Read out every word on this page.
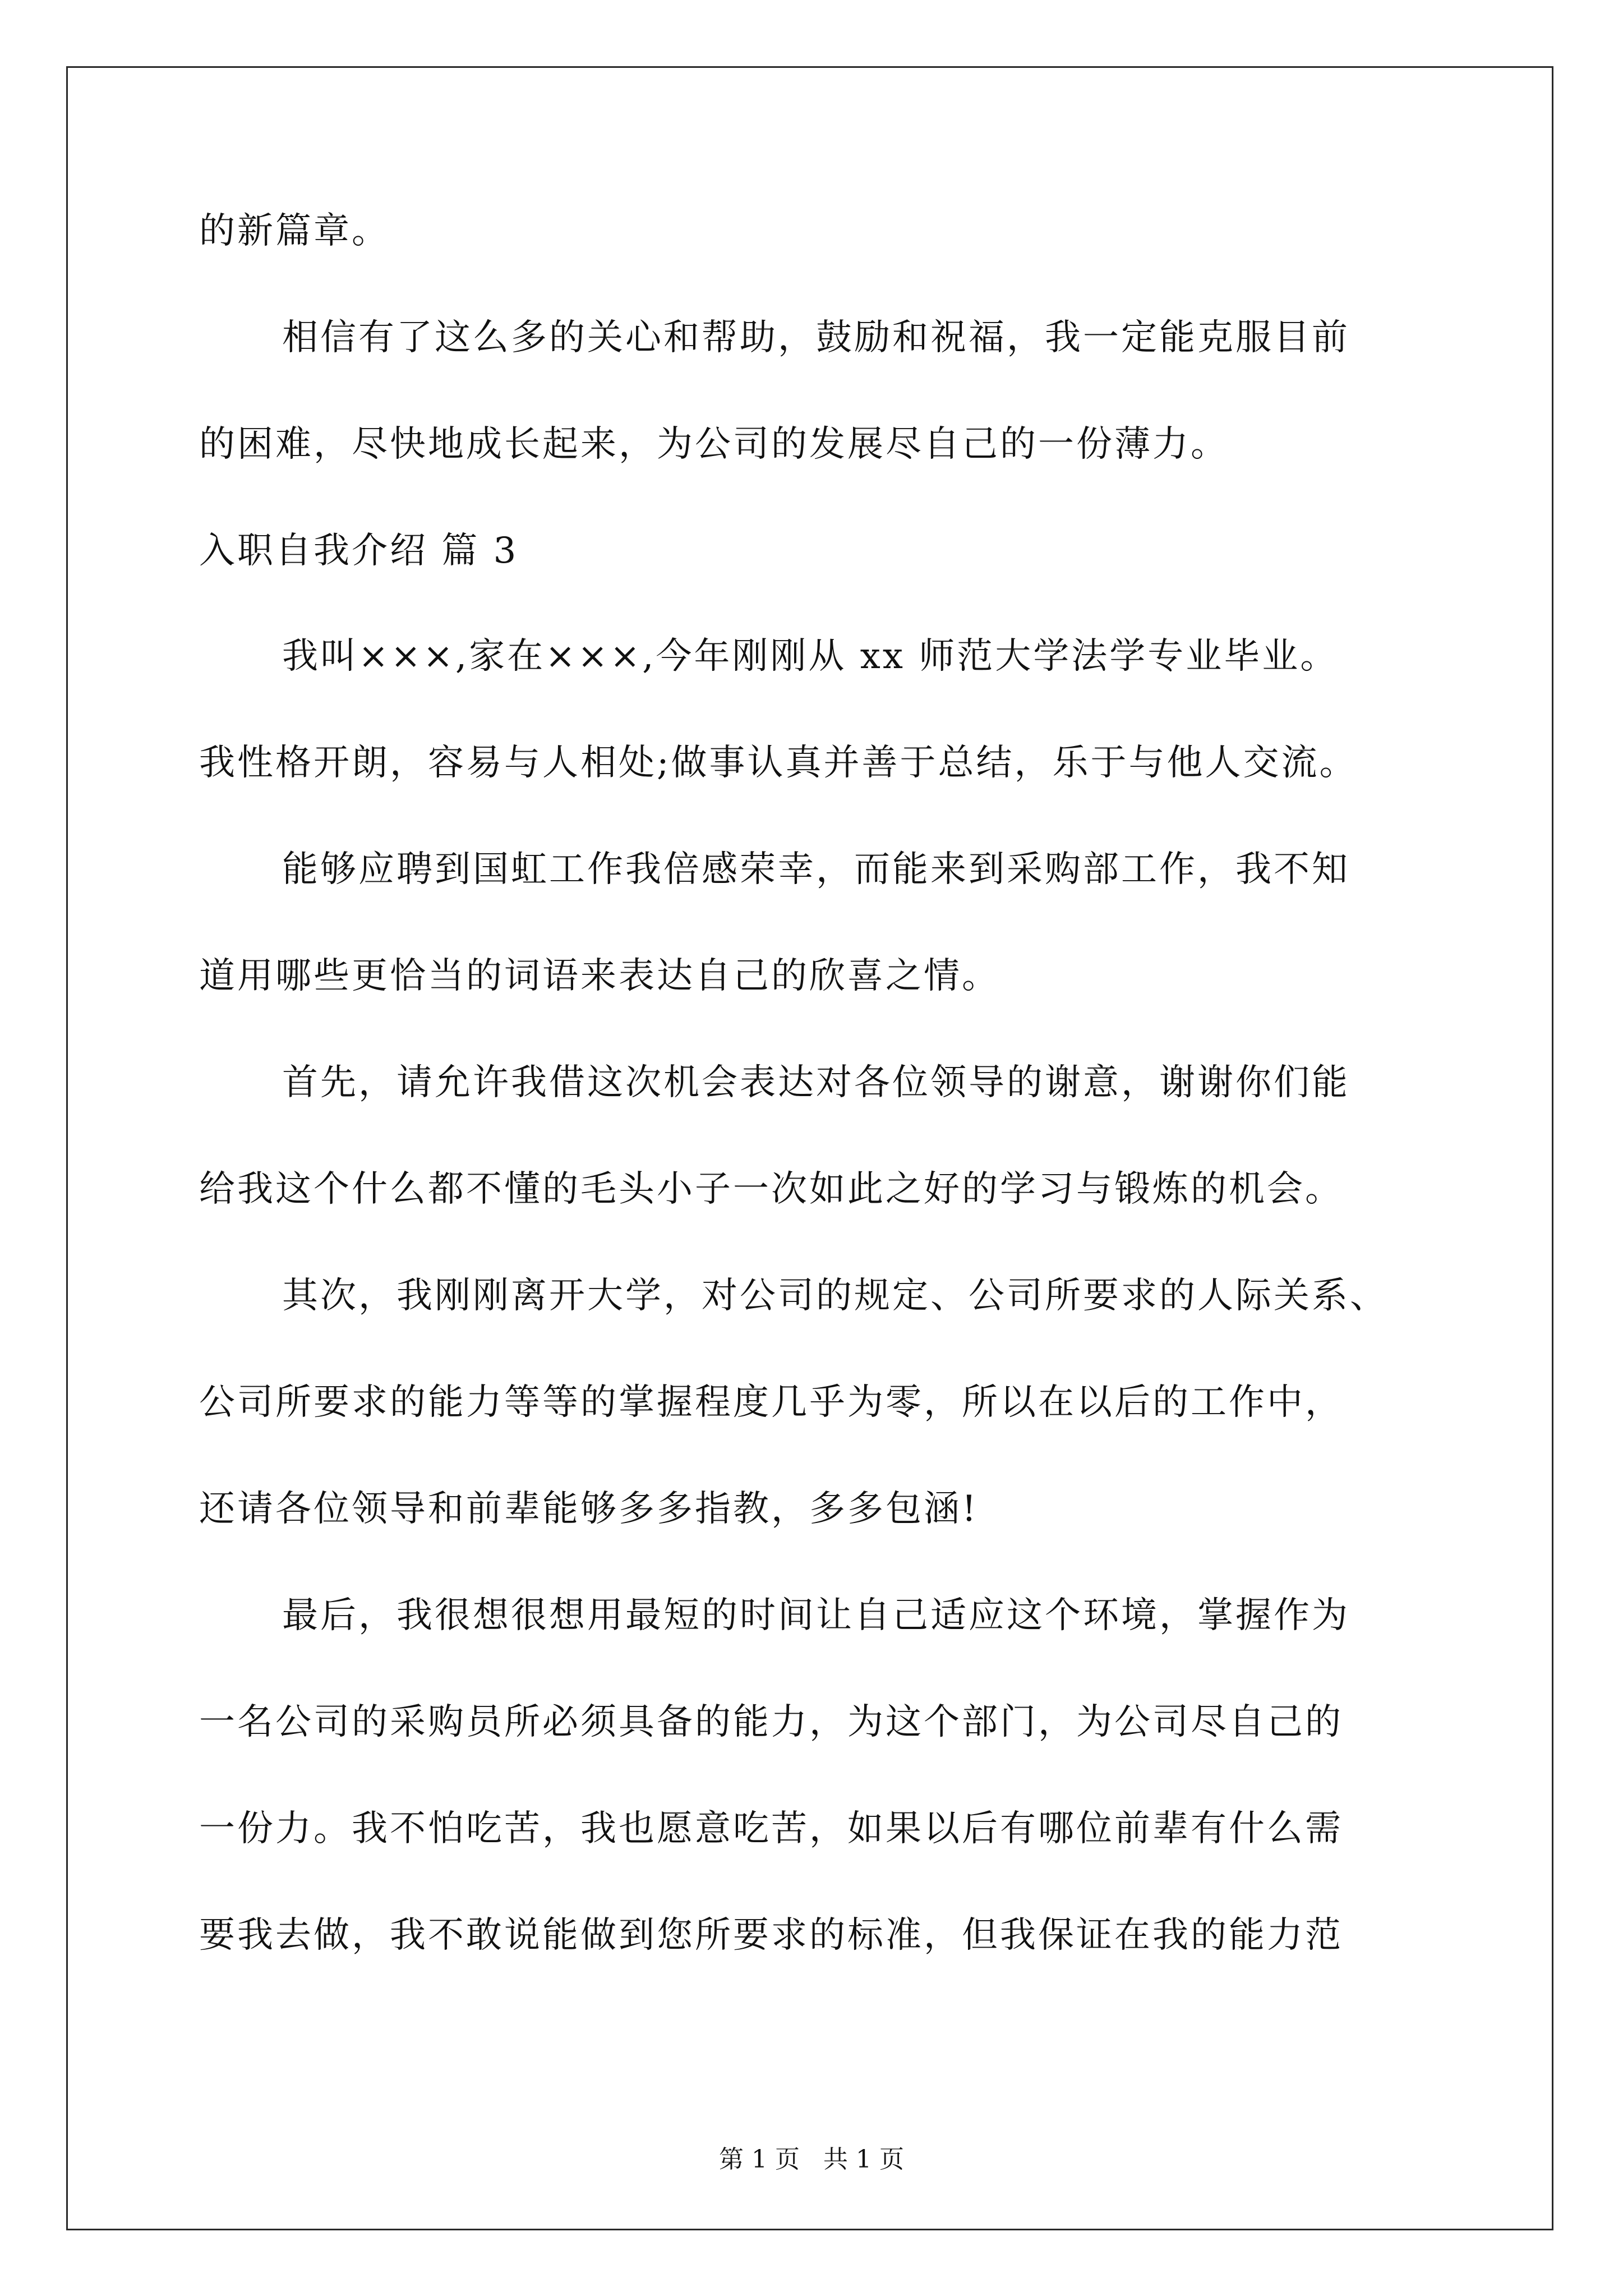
的新篇章。
相信有了这么多的关心和帮助，鼓励和祝福，我一定能克服目前
的困难，尽快地成长起来，为公司的发展尽自己的一份薄力。
入职自我介绍 篇 3
我叫×××,家在×××,今年刚刚从 xx 师范大学法学专业毕业。
我性格开朗，容易与人相处;做事认真并善于总结，乐于与他人交流。
能够应聘到国虹工作我倍感荣幸，而能来到采购部工作，我不知
道用哪些更恰当的词语来表达自己的欣喜之情。
首先，请允许我借这次机会表达对各位领导的谢意，谢谢你们能
给我这个什么都不懂的毛头小子一次如此之好的学习与锻炼的机会。
其次，我刚刚离开大学，对公司的规定、公司所要求的人际关系、
公司所要求的能力等等的掌握程度几乎为零，所以在以后的工作中，
还请各位领导和前辈能够多多指教，多多包涵!
最后，我很想很想用最短的时间让自己适应这个环境，掌握作为
一名公司的采购员所必须具备的能力，为这个部门，为公司尽自己的
一份力。我不怕吃苦，我也愿意吃苦，如果以后有哪位前辈有什么需
要我去做，我不敢说能做到您所要求的标准，但我保证在我的能力范
第 1 页 共 1 页
